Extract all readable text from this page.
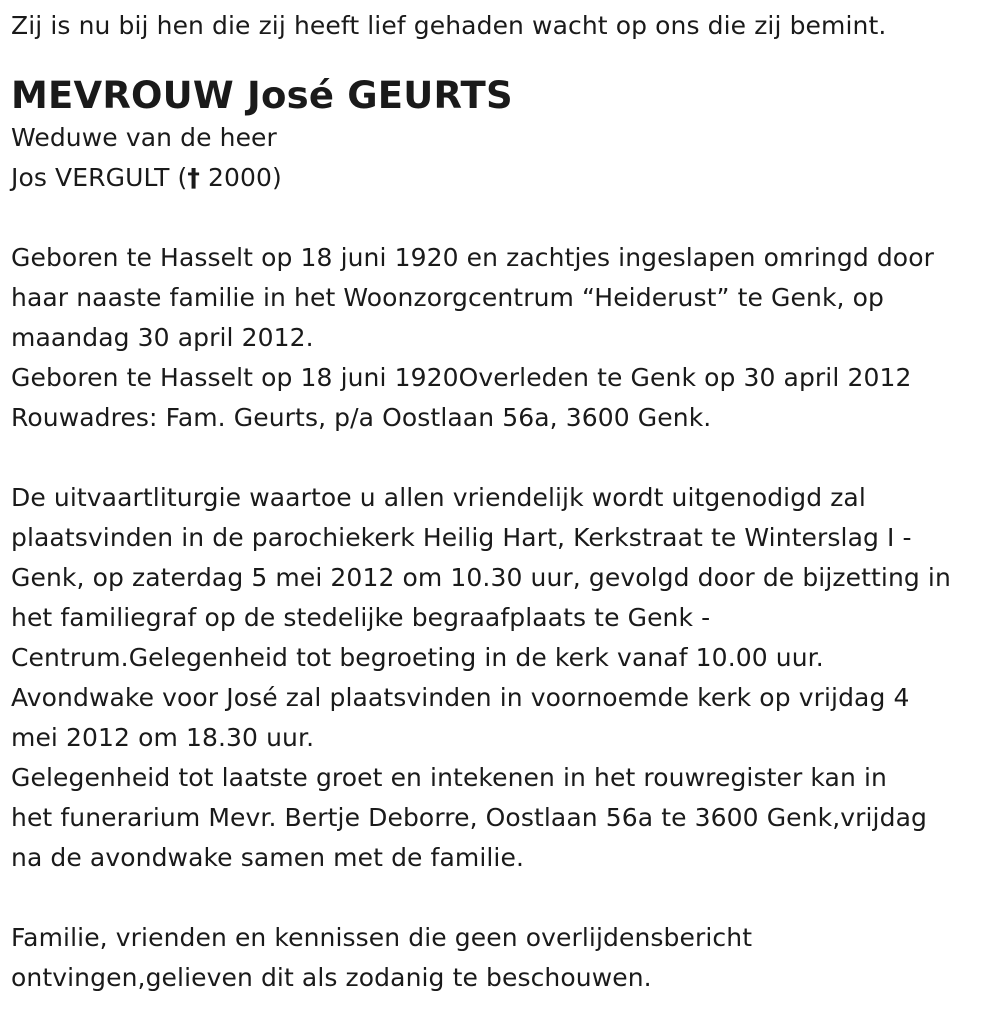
Zij is nu bij hen die zij heeft lief gehaden wacht op ons die zij bemint.

MEVROUW José GEURTS

Weduwe van de heer

Jos VERGULT († 2000)

Geboren te Hasselt op 18 juni 1920 en zachtjes ingeslapen omringd door

haar naaste familie in het Woonzorgcentrum “Heiderust” te Genk, op

maandag 30 april 2012.

Geboren te Hasselt op 18 juni 1920Overleden te Genk op 30 april 2012

Rouwadres: Fam. Geurts, p/a Oostlaan 56a, 3600 Genk.

De uitvaartliturgie waartoe u allen vriendelijk wordt uitgenodigd zal

plaatsvinden in de parochiekerk Heilig Hart, Kerkstraat te Winterslag I -

Genk, op zaterdag 5 mei 2012 om 10.30 uur, gevolgd door de bijzetting in

het familiegraf op de stedelijke begraafplaats te Genk -

Centrum.Gelegenheid tot begroeting in de kerk vanaf 10.00 uur.

Avondwake voor José zal plaatsvinden in voornoemde kerk op vrijdag 4

mei 2012 om 18.30 uur.

Gelegenheid tot laatste groet en intekenen in het rouwregister kan in

het funerarium Mevr. Bertje Deborre, Oostlaan 56a te 3600 Genk,vrijdag

na de avondwake samen met de familie.

Familie, vrienden en kennissen die geen overlijdensbericht

ontvingen,gelieven dit als zodanig te beschouwen.
